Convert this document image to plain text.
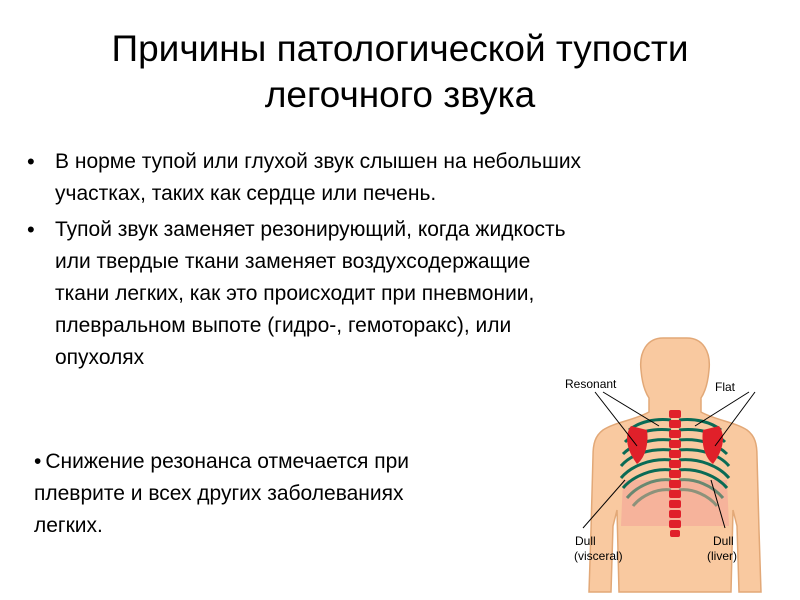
Причины патологической тупости
легочного звука
• В норме тупой или глухой звук слышен на небольших
участках, таких как сердце или печень.
• Тупой звук заменяет резонирующий, когда жидкость
или твердые ткани заменяет воздухсодержащие
ткани легких, как это происходит при пневмонии,
плевральном выпоте (гидро-, гемоторакс), или
опухолях
Resonant	Flat
Dull
(visceral)
Dull
(liver)
• Снижение резонанса отмечается при
плеврите и всех других заболеваниях
легких.
